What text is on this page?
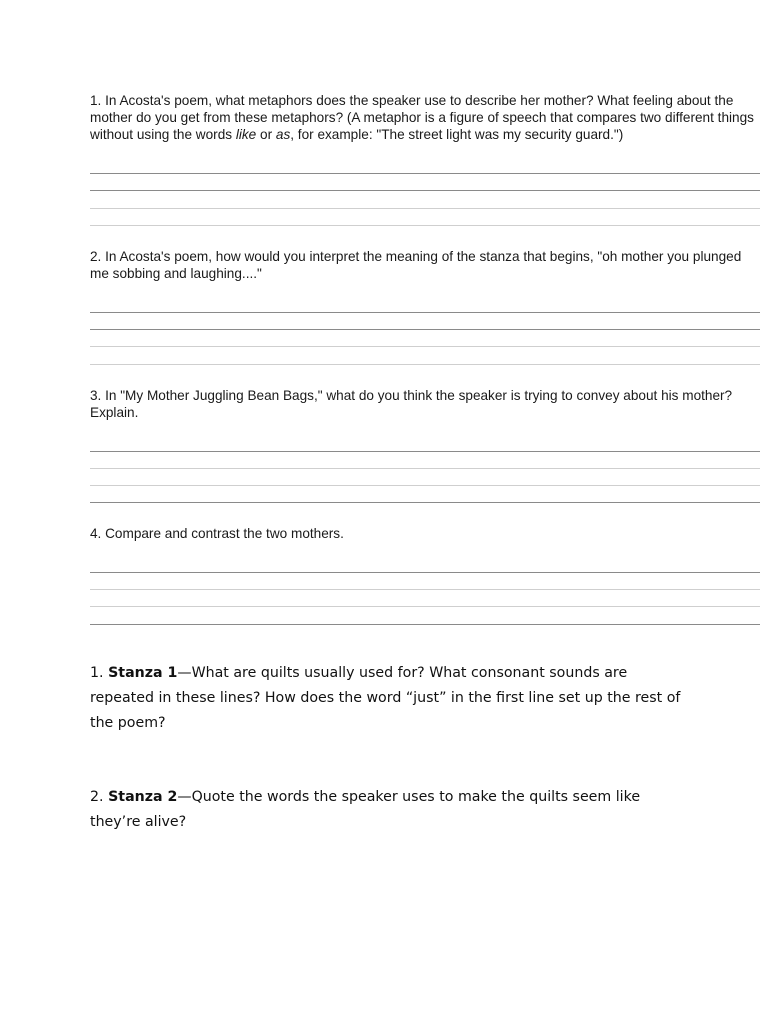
1. In Acosta's poem, what metaphors does the speaker use to describe her mother? What feeling about the mother do you get from these metaphors? (A metaphor is a figure of speech that compares two different things without using the words like or as, for example: "The street light was my security guard.")

2. In Acosta's poem, how would you interpret the meaning of the stanza that begins, "oh mother you plunged me sobbing and laughing...."

3. In "My Mother Juggling Bean Bags," what do you think the speaker is trying to convey about his mother? Explain.

4. Compare and contrast the two mothers.

1. Stanza 1—What are quilts usually used for? What consonant sounds are repeated in these lines? How does the word “just” in the first line set up the rest of the poem?

2. Stanza 2—Quote the words the speaker uses to make the quilts seem like they’re alive?
